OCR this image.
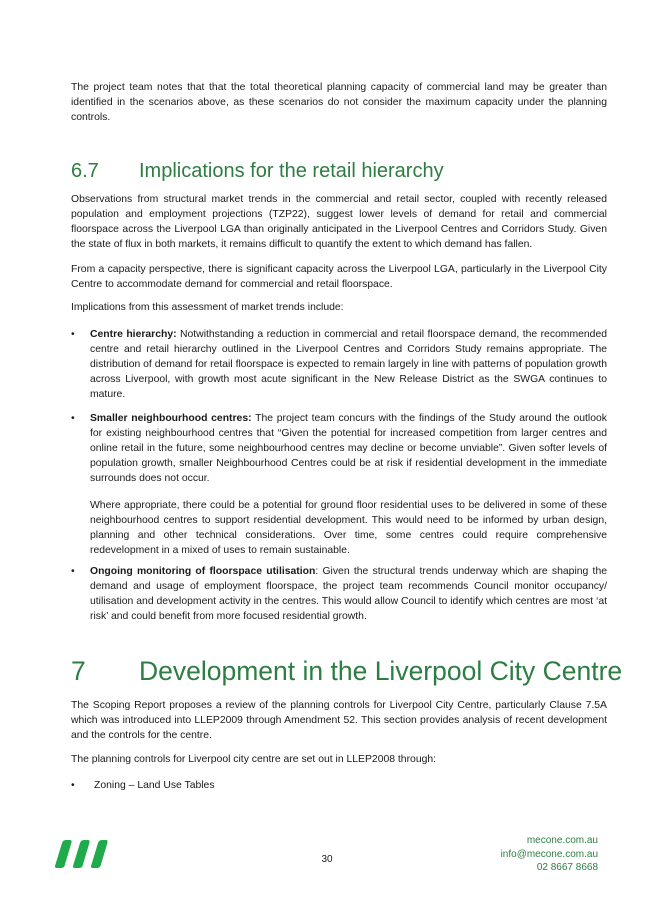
The project team notes that that the total theoretical planning capacity of commercial land may be greater than identified in the scenarios above, as these scenarios do not consider the maximum capacity under the planning controls.

6.7 Implications for the retail hierarchy

Observations from structural market trends in the commercial and retail sector, coupled with recently released population and employment projections (TZP22), suggest lower levels of demand for retail and commercial floorspace across the Liverpool LGA than originally anticipated in the Liverpool Centres and Corridors Study. Given the state of flux in both markets, it remains difficult to quantify the extent to which demand has fallen.

From a capacity perspective, there is significant capacity across the Liverpool LGA, particularly in the Liverpool City Centre to accommodate demand for commercial and retail floorspace.

Implications from this assessment of market trends include:

• Centre hierarchy: Notwithstanding a reduction in commercial and retail floorspace demand, the recommended centre and retail hierarchy outlined in the Liverpool Centres and Corridors Study remains appropriate. The distribution of demand for retail floorspace is expected to remain largely in line with patterns of population growth across Liverpool, with growth most acute significant in the New Release District as the SWGA continues to mature.

• Smaller neighbourhood centres: The project team concurs with the findings of the Study around the outlook for existing neighbourhood centres that “Given the potential for increased competition from larger centres and online retail in the future, some neighbourhood centres may decline or become unviable”. Given softer levels of population growth, smaller Neighbourhood Centres could be at risk if residential development in the immediate surrounds does not occur.

Where appropriate, there could be a potential for ground floor residential uses to be delivered in some of these neighbourhood centres to support residential development. This would need to be informed by urban design, planning and other technical considerations. Over time, some centres could require comprehensive redevelopment in a mixed of uses to remain sustainable.

• Ongoing monitoring of floorspace utilisation: Given the structural trends underway which are shaping the demand and usage of employment floorspace, the project team recommends Council monitor occupancy/ utilisation and development activity in the centres. This would allow Council to identify which centres are most ‘at risk’ and could benefit from more focused residential growth.

7 Development in the Liverpool City Centre

The Scoping Report proposes a review of the planning controls for Liverpool City Centre, particularly Clause 7.5A which was introduced into LLEP2009 through Amendment 52. This section provides analysis of recent development and the controls for the centre.

The planning controls for Liverpool city centre are set out in LLEP2008 through:

• Zoning – Land Use Tables

30
mecone.com.au
info@mecone.com.au
02 8667 8668
